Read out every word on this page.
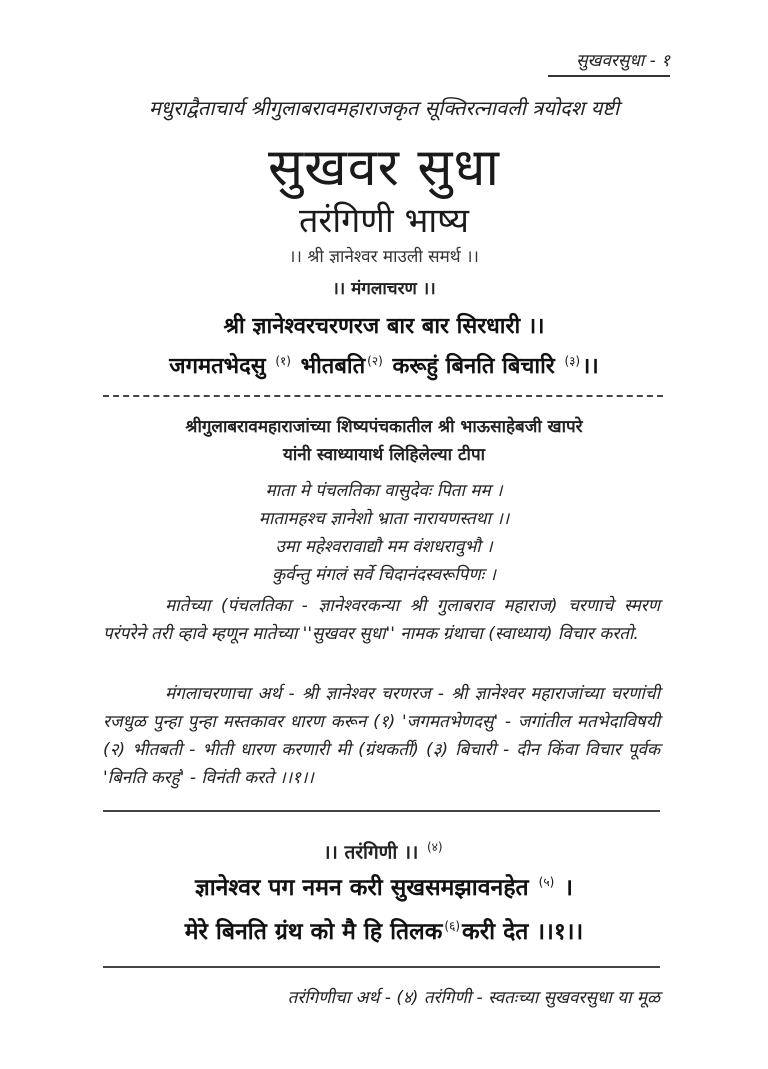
सुखवरसुधा - १
मधुराद्वैताचार्य श्रीगुलाबरावमहाराजकृत सूक्तिरत्नावली त्रयोदश यष्टी
सुखवर सुधा
तरंगिणी भाष्य
।। श्री ज्ञानेश्वर माउली समर्थ ।।
।। मंगलाचरण ।।
श्री ज्ञानेश्वरचरणरज बार बार सिरधारी ।।
जगमतभेदसु $^{(१)}$ भीतबति $^{(२)}$ करूहुं बिनति बिचारि $^{(३)}$।।
श्रीगुलाबरावमहाराजांच्या शिष्यपंचकातील श्री भाऊसाहेबजी खापरे
यांनी स्वाध्यायार्थ लिहिलेल्या टीपा
माता मे पंचलतिका वासुदेवः पिता मम ।
मातामहश्च ज्ञानेशो भ्राता नारायणस्तथा ।।
उमा महेश्वरावाद्यौ मम वंशधरावुभौ ।
कुर्वन्तु मंगलं सर्वे चिदानंदस्वरूपिणः ।

मातेच्या (पंचलतिका - ज्ञानेश्वरकन्या श्री गुलाबराव महाराज) चरणाचे स्मरण परंपरेने तरी व्हावे म्हणून मातेच्या ''सुखवर सुधा'' नामक ग्रंथाचा (स्वाध्याय) विचार करतो.

मंगलाचरणाचा अर्थ - श्री ज्ञानेश्वर चरणरज - श्री ज्ञानेश्वर महाराजांच्या चरणांची रजधुळ पुन्हा पुन्हा मस्तकावर धारण करून (१) 'जगमतभेणदसु' - जगांतील मतभेदाविषयी (२) भीतबती - भीती धारण करणारी मी (ग्रंथकर्ती) (३) बिचारी - दीन किंवा विचार पूर्वक 'बिनति करहुं' - विनंती करते ।।१।।

।। तरंगिणी ।। $^{(४)}$
ज्ञानेश्वर पग नमन करी सुखसमझावनहेत $^{(५)}$ ।
मेरे बिनति ग्रंथ को मै हि तिलक $^{(६)}$करी देत ।।१।।

तरंगिणीचा अर्थ - (४) तरंगिणी - स्वतःच्या सुखवरसुधा या मूळ
